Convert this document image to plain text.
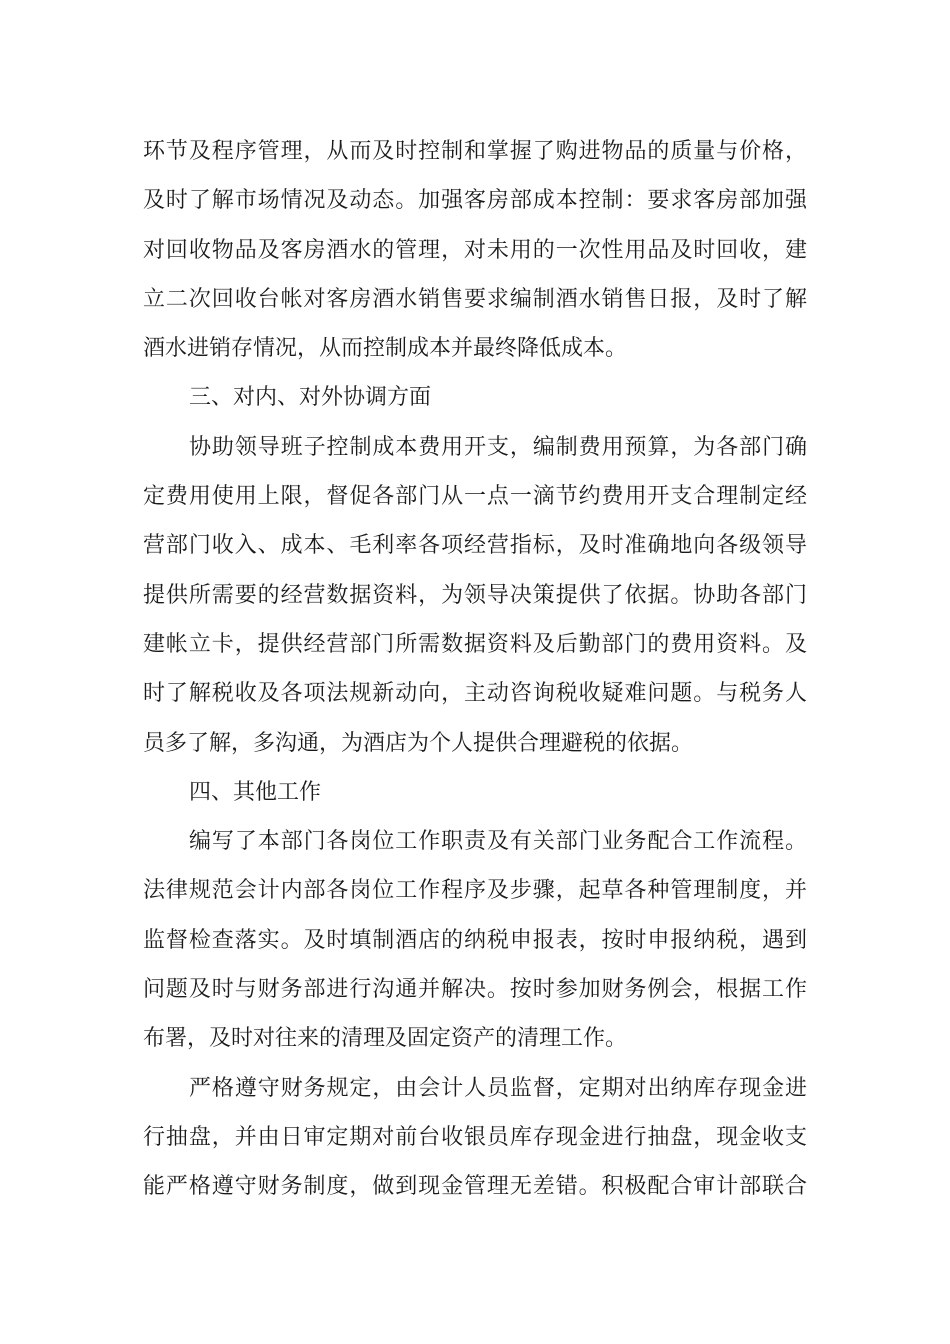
环节及程序管理，从而及时控制和掌握了购进物品的质量与价格，
及时了解市场情况及动态。加强客房部成本控制：要求客房部加强
对回收物品及客房酒水的管理，对未用的一次性用品及时回收，建
立二次回收台帐对客房酒水销售要求编制酒水销售日报，及时了解
酒水进销存情况，从而控制成本并最终降低成本。
三、对内、对外协调方面
协助领导班子控制成本费用开支，编制费用预算，为各部门确
定费用使用上限，督促各部门从一点一滴节约费用开支合理制定经
营部门收入、成本、毛利率各项经营指标，及时准确地向各级领导
提供所需要的经营数据资料，为领导决策提供了依据。协助各部门
建帐立卡，提供经营部门所需数据资料及后勤部门的费用资料。及
时了解税收及各项法规新动向，主动咨询税收疑难问题。与税务人
员多了解，多沟通，为酒店为个人提供合理避税的依据。
四、其他工作
编写了本部门各岗位工作职责及有关部门业务配合工作流程。
法律规范会计内部各岗位工作程序及步骤，起草各种管理制度，并
监督检查落实。及时填制酒店的纳税申报表，按时申报纳税，遇到
问题及时与财务部进行沟通并解决。按时参加财务例会，根据工作
布署，及时对往来的清理及固定资产的清理工作。
严格遵守财务规定，由会计人员监督，定期对出纳库存现金进
行抽盘，并由日审定期对前台收银员库存现金进行抽盘，现金收支
能严格遵守财务制度，做到现金管理无差错。积极配合审计部联合
